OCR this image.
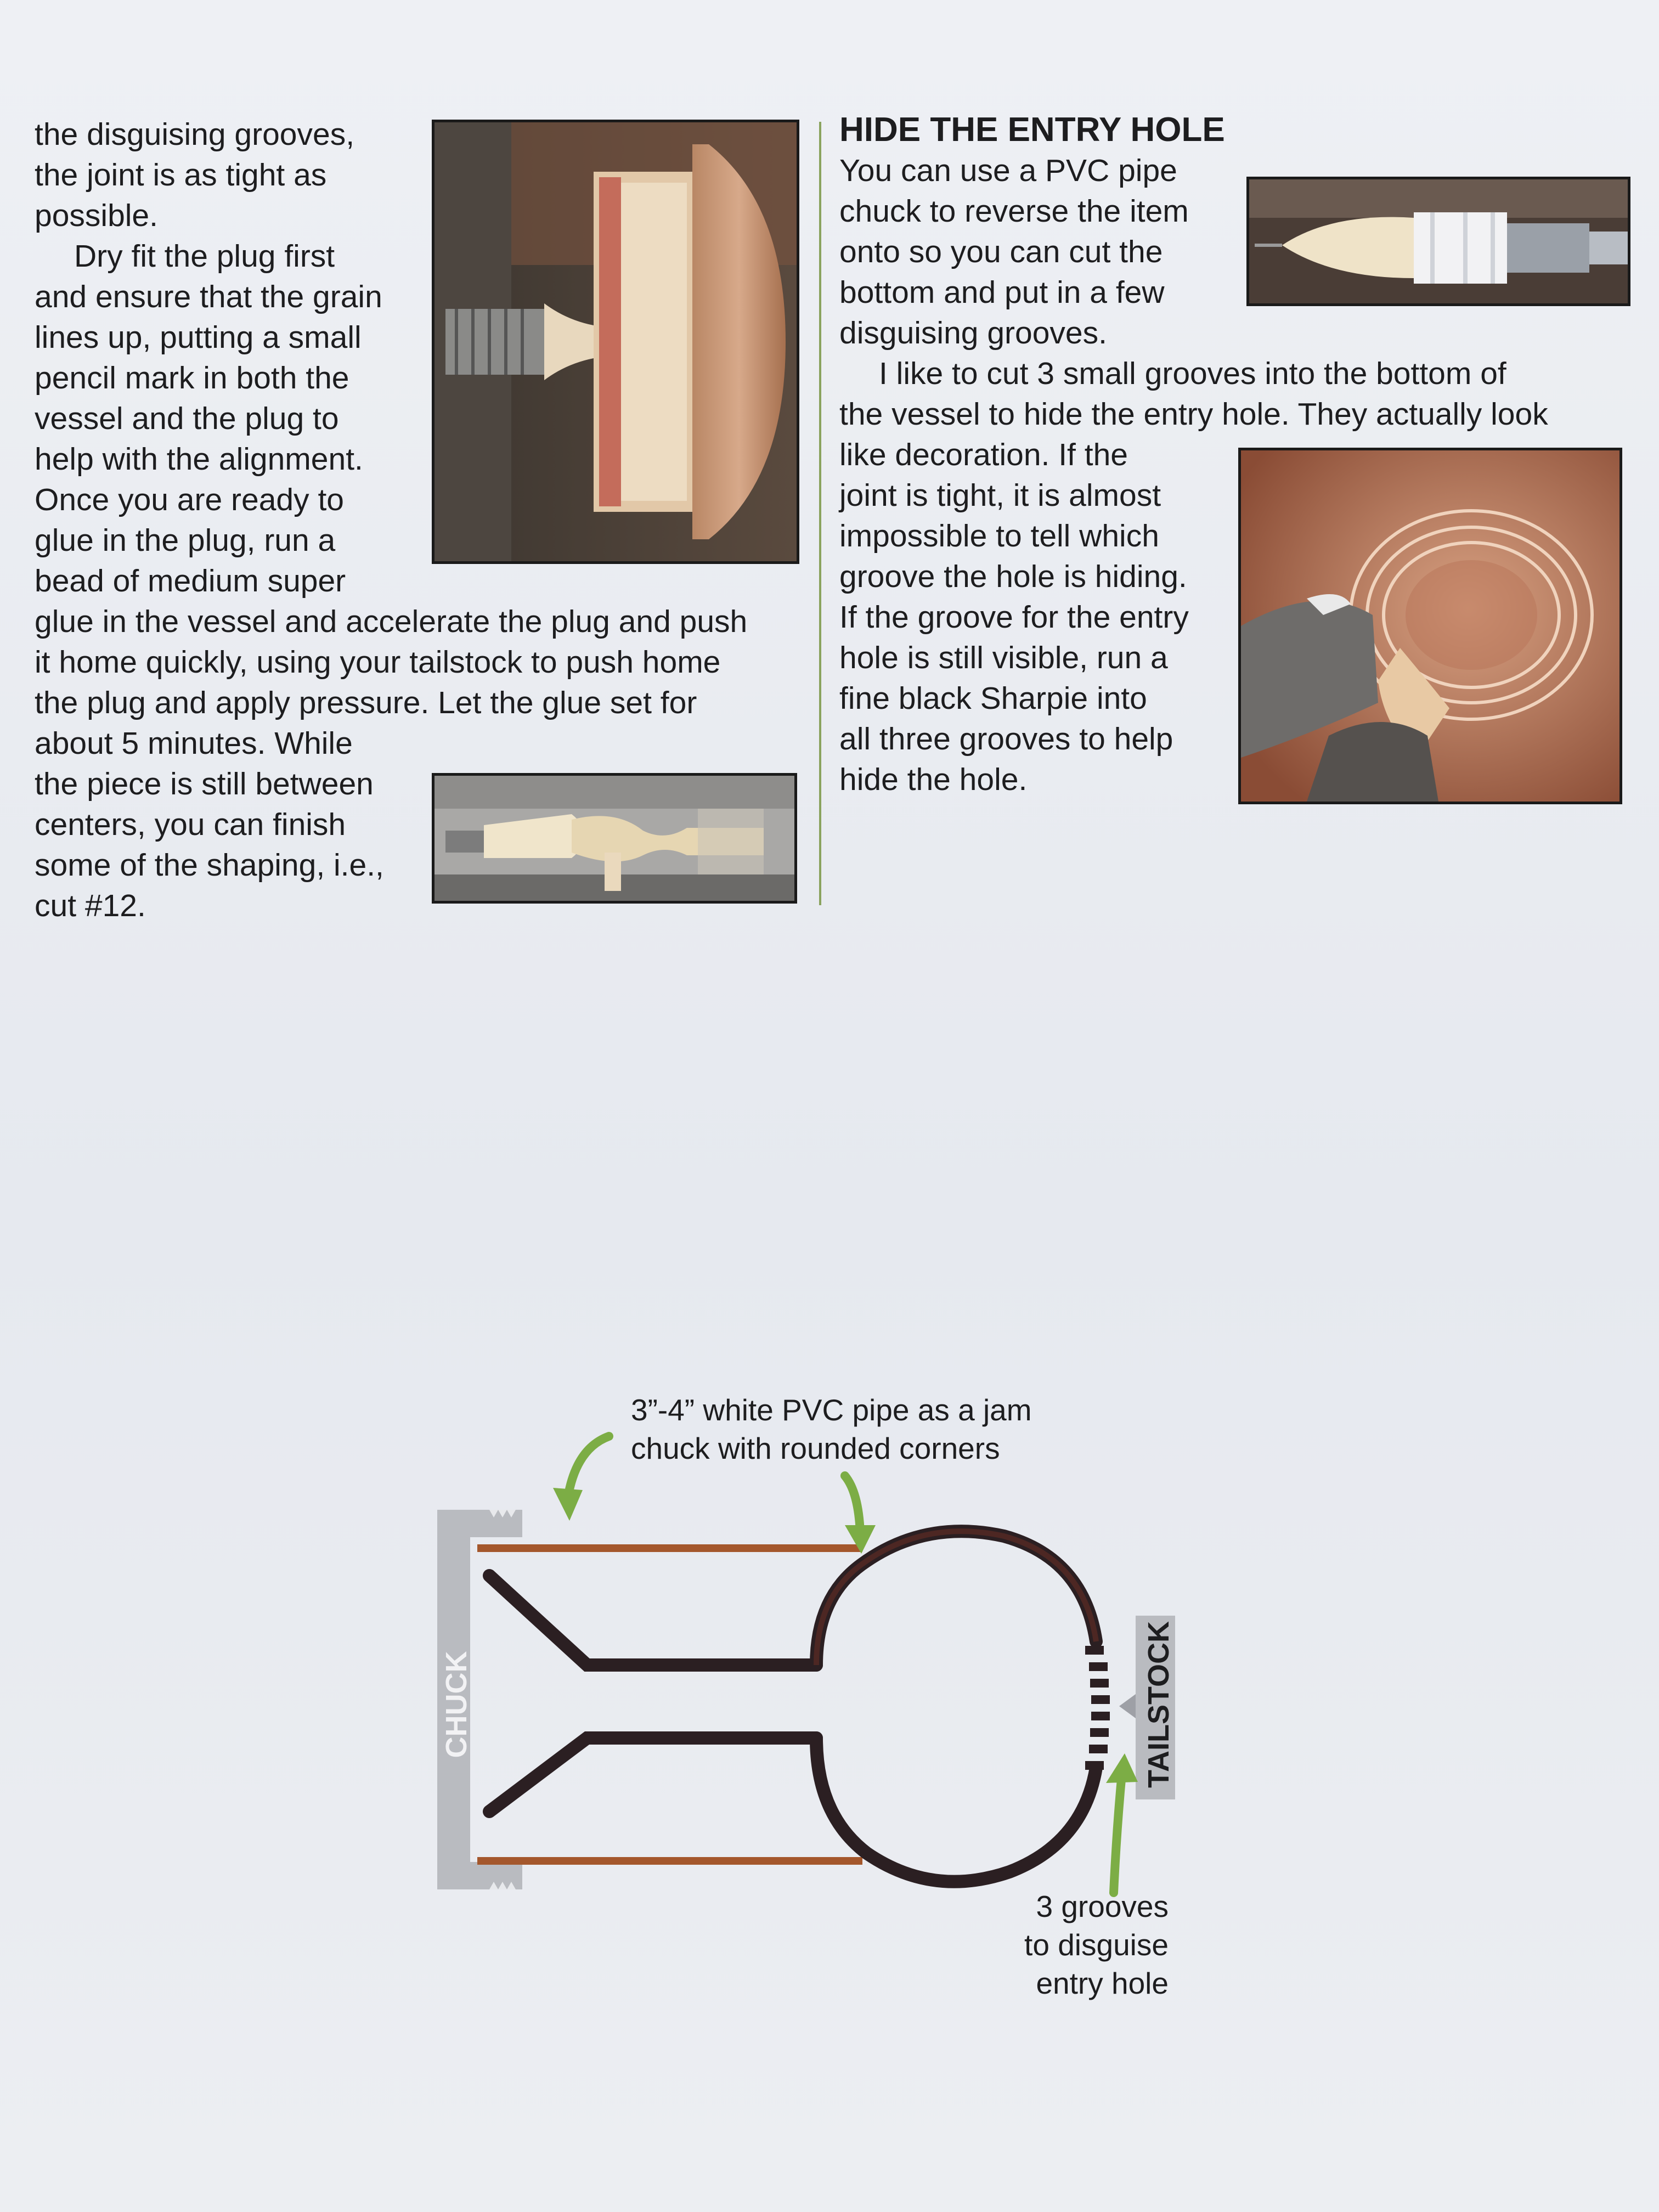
the disguising grooves,
the joint is as tight as
possible.

Dry fit the plug first
and ensure that the grain
lines up, putting a small
pencil mark in both the
vessel and the plug to
help with the alignment.
Once you are ready to
glue in the plug, run a
bead of medium super
glue in the vessel and accelerate the plug and push
it home quickly, using your tailstock to push home
the plug and apply pressure. Let the glue set for
about 5 minutes. While
the piece is still between
centers, you can finish
some of the shaping, i.e.,
cut #12.

HIDE THE ENTRY HOLE

You can use a PVC pipe
chuck to reverse the item
onto so you can cut the
bottom and put in a few
disguising grooves.

I like to cut 3 small grooves into the bottom of
the vessel to hide the entry hole. They actually look
like decoration. If the
joint is tight, it is almost
impossible to tell which
groove the hole is hiding.
If the groove for the entry
hole is still visible, run a
fine black Sharpie into
all three grooves to help
hide the hole.

3”-4” white PVC pipe as a jam
chuck with rounded corners
CHUCK	TAILSTOCK
3 grooves
to disguise
entry hole
